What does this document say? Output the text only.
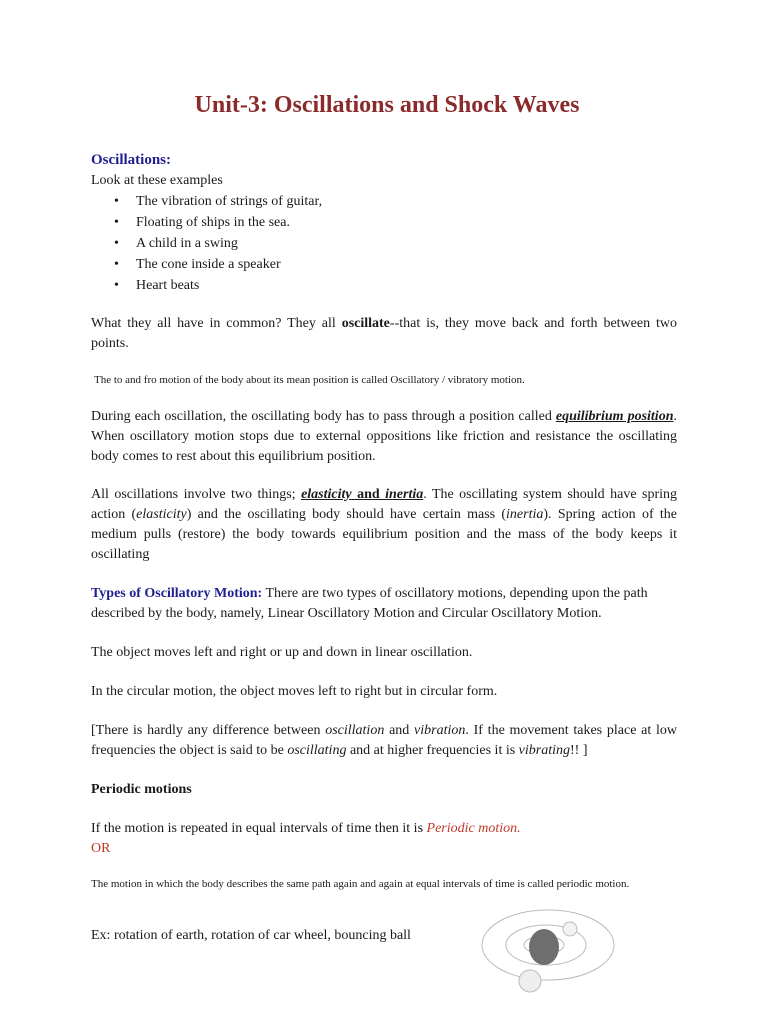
Unit-3: Oscillations and Shock Waves

Oscillations:

Look at these examples

• The vibration of strings of guitar,
• Floating of ships in the sea.
• A child in a swing
• The cone inside a speaker
• Heart beats

What they all have in common? They all oscillate--that is, they move back and forth between two points.

The to and fro motion of the body about its mean position is called Oscillatory / vibratory motion.

During each oscillation, the oscillating body has to pass through a position called equilibrium position. When oscillatory motion stops due to external oppositions like friction and resistance the oscillating body comes to rest about this equilibrium position.

All oscillations involve two things; elasticity and inertia. The oscillating system should have spring action (elasticity) and the oscillating body should have certain mass (inertia). Spring action of the medium pulls (restore) the body towards equilibrium position and the mass of the body keeps it oscillating

Types of Oscillatory Motion: There are two types of oscillatory motions, depending upon the path described by the body, namely, Linear Oscillatory Motion and Circular Oscillatory Motion.

The object moves left and right or up and down in linear oscillation.

In the circular motion, the object moves left to right but in circular form.

[There is hardly any difference between oscillation and vibration. If the movement takes place at low frequencies the object is said to be oscillating and at higher frequencies it is vibrating!! ]

Periodic motions

If the motion is repeated in equal intervals of time then it is Periodic motion.

OR

The motion in which the body describes the same path again and again at equal intervals of time is called periodic motion.

Ex: rotation of earth, rotation of car wheel, bouncing ball
